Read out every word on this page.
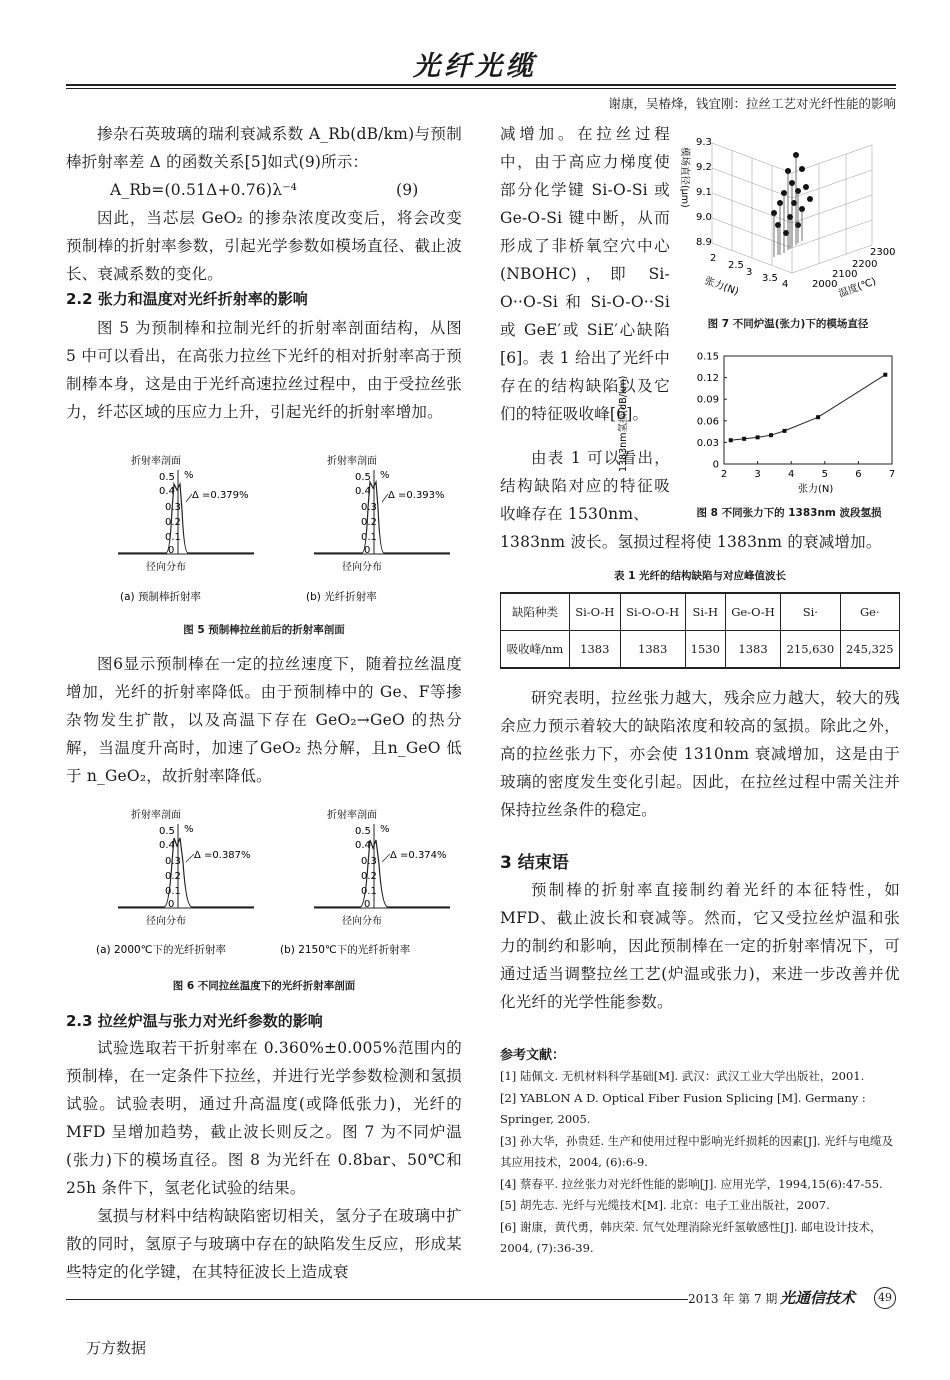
光纤光缆
谢康，吴椿烽，钱宜刚：拉丝工艺对光纤性能的影响
掺杂石英玻璃的瑞利衰减系数 A_Rb(dB/km)与预制棒折射率差 Δ 的函数关系[5]如式(9)所示：
A_Rb=(0.51Δ+0.76)λ⁻⁴	(9)
因此，当芯层 GeO₂ 的掺杂浓度改变后，将会改变预制棒的折射率参数，引起光学参数如模场直径、截止波长、衰减系数的变化。
2.2 张力和温度对光纤折射率的影响
图 5 为预制棒和拉制光纤的折射率剖面结构，从图 5 中可以看出，在高张力拉丝下光纤的相对折射率高于预制棒本身，这是由于光纤高速拉丝过程中，由于受拉丝张力，纤芯区域的压应力上升，引起光纤的折射率增加。
折射率剖面
0.5
0.4
0.3
0.2
0.1
0
%
Δ =0.379%
径向分布
折射率剖面
0.5
0.4
0.3
0.2
0.1
0
%
Δ =0.393%
径向分布
(a) 预制棒折射率	(b) 光纤折射率
图 5 预制棒拉丝前后的折射率剖面
图6显示预制棒在一定的拉丝速度下，随着拉丝温度增加，光纤的折射率降低。由于预制棒中的 Ge、F等掺杂物发生扩散，以及高温下存在 GeO₂→GeO 的热分解，当温度升高时，加速了GeO₂ 热分解，且n_GeO 低于 n_GeO₂，故折射率降低。
折射率剖面
0.5
0.4
0.3
0.2
0.1
0
%
Δ =0.387%
径向分布
折射率剖面
0.5
0.4
0.3
0.2
0.1
0
%
Δ =0.374%
径向分布
(a) 2000℃下的光纤折射率	(b) 2150℃下的光纤折射率
图 6 不同拉丝温度下的光纤折射率剖面
2.3 拉丝炉温与张力对光纤参数的影响
试验选取若干折射率在 0.360%±0.005%范围内的预制棒，在一定条件下拉丝，并进行光学参数检测和氢损试验。试验表明，通过升高温度(或降低张力)，光纤的 MFD 呈增加趋势，截止波长则反之。图 7 为不同炉温(张力)下的模场直径。图 8 为光纤在 0.8bar、50℃和 25h 条件下，氢老化试验的结果。
氢损与材料中结构缺陷密切相关，氢分子在玻璃中扩散的同时，氢原子与玻璃中存在的缺陷发生反应，形成某些特定的化学键，在其特征波长上造成衰
减增加。在拉丝过程中，由于高应力梯度使部分化学键 Si-O-Si 或 Ge-O-Si 键中断，从而形成了非桥氧空穴中心 (NBOHC)，即 Si-O··O-Si 和 Si-O-O··Si 或 GeE′或 SiE′心缺陷[6]。表 1 给出了光纤中存在的结构缺陷以及它们的特征吸收峰[6]。
9.3
9.2
9.1
9.0
8.9
模场直径(μm)
2
2.5
3
3.5
4
张力(N)	2000
2100
2200
2300
温度(℃)
图 7 不同炉温(张力)下的模场直径
由表 1 可以看出，结构缺陷对应的特征吸收峰存在 1530nm、
1383nm氢损(dB/km)
0.15
0.12
0.09
0.06
0.03
0
2	3	4	5	6	7
张力(N)
图 8 不同张力下的 1383nm 波段氢损
1383nm 波长。氢损过程将使 1383nm 的衰减增加。
表 1 光纤的结构缺陷与对应峰值波长
缺陷种类	Si-O-H	Si-O-O-H	Si-H	Ge-O-H	Si·	Ge·
吸收峰/nm	1383	1383	1530	1383	215,630	245,325
研究表明，拉丝张力越大，残余应力越大，较大的残余应力预示着较大的缺陷浓度和较高的氢损。除此之外，高的拉丝张力下，亦会使 1310nm 衰减增加，这是由于玻璃的密度发生变化引起。因此，在拉丝过程中需关注并保持拉丝条件的稳定。
3 结束语
预制棒的折射率直接制约着光纤的本征特性，如 MFD、截止波长和衰减等。然而，它又受拉丝炉温和张力的制约和影响，因此预制棒在一定的折射率情况下，可通过适当调整拉丝工艺(炉温或张力)，来进一步改善并优化光纤的光学性能参数。
参考文献：
[1] 陆佩文. 无机材料科学基础[M]. 武汉：武汉工业大学出版社，2001.
[2] YABLON A D. Optical Fiber Fusion Splicing [M]. Germany : Springer, 2005.
[3] 孙大华，孙贵廷. 生产和使用过程中影响光纤损耗的因素[J]. 光纤与电缆及其应用技术，2004, (6):6-9.
[4] 蔡春平. 拉丝张力对光纤性能的影响[J]. 应用光学，1994,15(6):47-55.
[5] 胡先志. 光纤与光缆技术[M]. 北京：电子工业出版社，2007.
[6] 谢康，黄代勇，韩庆荣. 氘气处理消除光纤氢敏感性[J]. 邮电设计技术，2004, (7):36-39.
2013 年 第 7 期 光通信技术	49
万方数据
